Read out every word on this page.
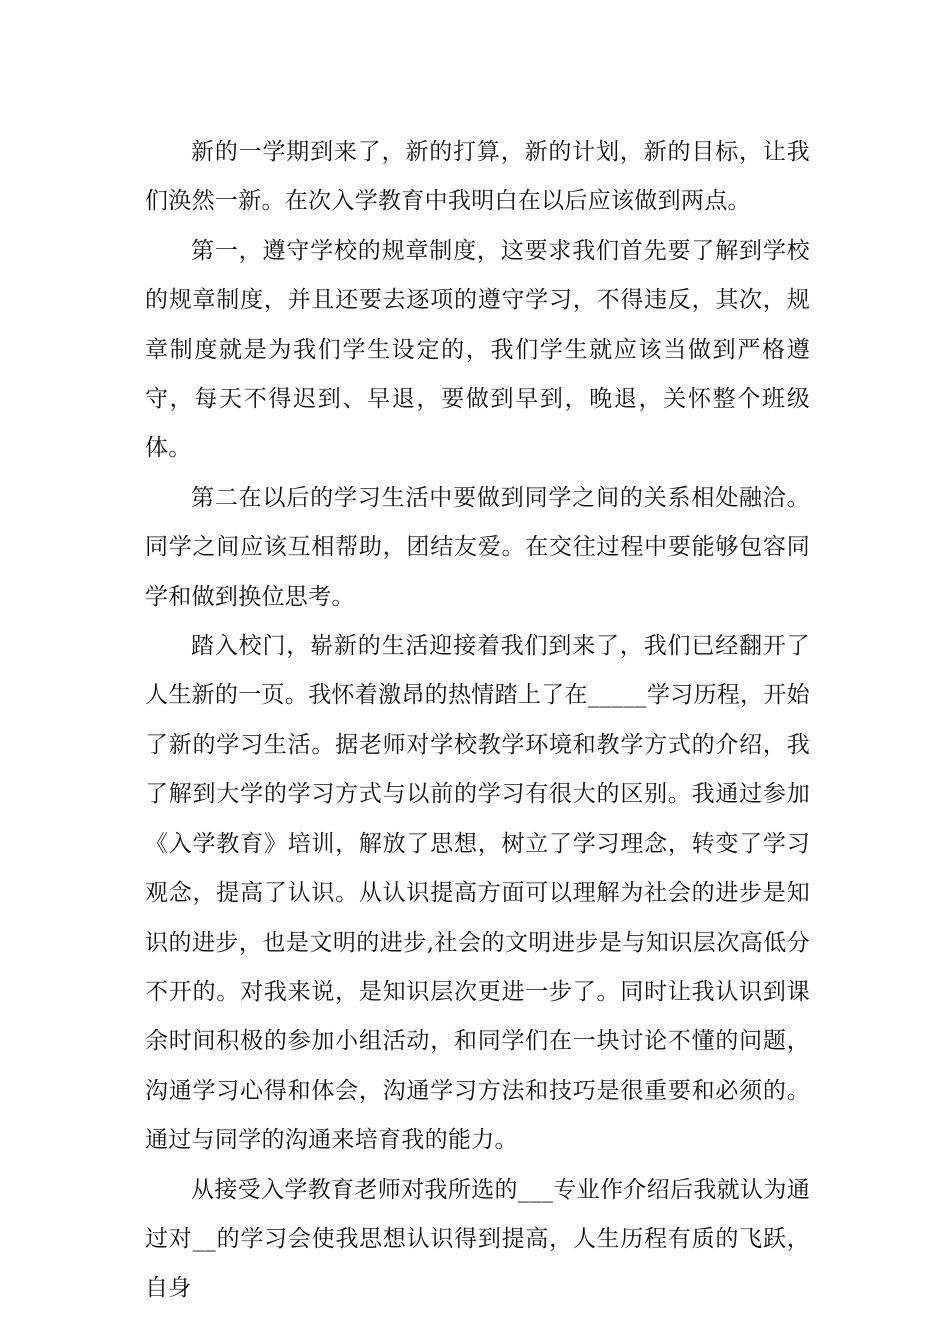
新的一学期到来了，新的打算，新的计划，新的目标，让我们涣然一新。在次入学教育中我明白在以后应该做到两点。

第一，遵守学校的规章制度，这要求我们首先要了解到学校的规章制度，并且还要去逐项的遵守学习，不得违反，其次，规章制度就是为我们学生设定的，我们学生就应该当做到严格遵守，每天不得迟到、早退，要做到早到，晚退，关怀整个班级体。

第二在以后的学习生活中要做到同学之间的关系相处融洽。同学之间应该互相帮助，团结友爱。在交往过程中要能够包容同学和做到换位思考。

踏入校门，崭新的生活迎接着我们到来了，我们已经翻开了人生新的一页。我怀着激昂的热情踏上了在_____学习历程，开始了新的学习生活。据老师对学校教学环境和教学方式的介绍，我了解到大学的学习方式与以前的学习有很大的区别。我通过参加《入学教育》培训，解放了思想，树立了学习理念，转变了学习观念，提高了认识。从认识提高方面可以理解为社会的进步是知识的进步，也是文明的进步,社会的文明进步是与知识层次高低分不开的。对我来说，是知识层次更进一步了。同时让我认识到课余时间积极的参加小组活动，和同学们在一块讨论不懂的问题，沟通学习心得和体会，沟通学习方法和技巧是很重要和必须的。通过与同学的沟通来培育我的能力。

从接受入学教育老师对我所选的___专业作介绍后我就认为通过对__的学习会使我思想认识得到提高，人生历程有质的飞跃，自身
